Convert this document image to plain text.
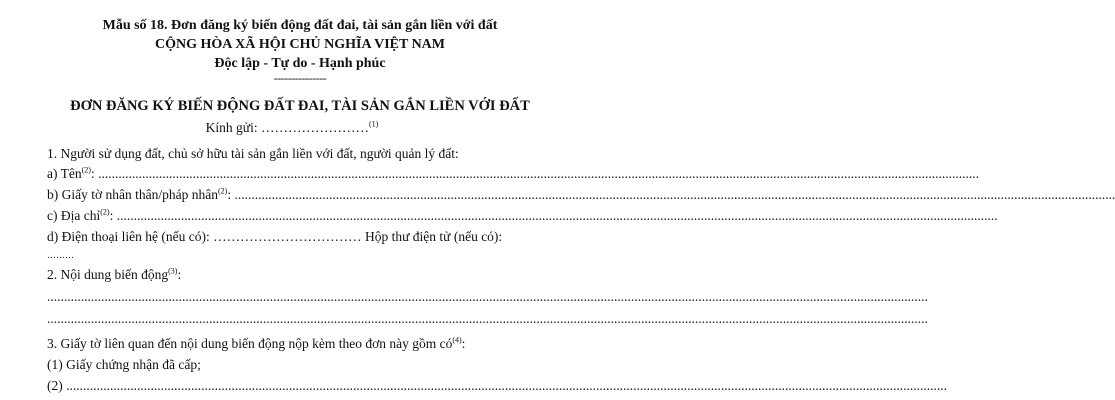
Mẫu số 18. Đơn đăng ký biến động đất đai, tài sản gắn liền với đất
CỘNG HÒA XÃ HỘI CHỦ NGHĨA VIỆT NAM
Độc lập - Tự do - Hạnh phúc
---------------
ĐƠN ĐĂNG KÝ BIẾN ĐỘNG ĐẤT ĐAI, TÀI SẢN GẮN LIỀN VỚI ĐẤT
Kính gửi: ……………………$^{(1)}$
1. Người sử dụng đất, chủ sở hữu tài sản gắn liền với đất, người quản lý đất:
a) Tên$^{(2)}$: .....................................................................................................................................................................................................................................................................
b) Giấy tờ nhân thân/pháp nhân$^{(2)}$: .....................................................................................................................................................................................................................................................................
c) Địa chỉ$^{(2)}$: .....................................................................................................................................................................................................................................................................
d) Điện thoại liên hệ (nếu có): …………………………… Hộp thư điện tử (nếu có):
………
2. Nội dung biến động$^{(3)}$:
.....................................................................................................................................................................................................................................................................
.....................................................................................................................................................................................................................................................................
3. Giấy tờ liên quan đến nội dung biến động nộp kèm theo đơn này gồm $có^{(4)}$:
(1) Giấy chứng nhận đã cấp;
(2) .....................................................................................................................................................................................................................................................................
